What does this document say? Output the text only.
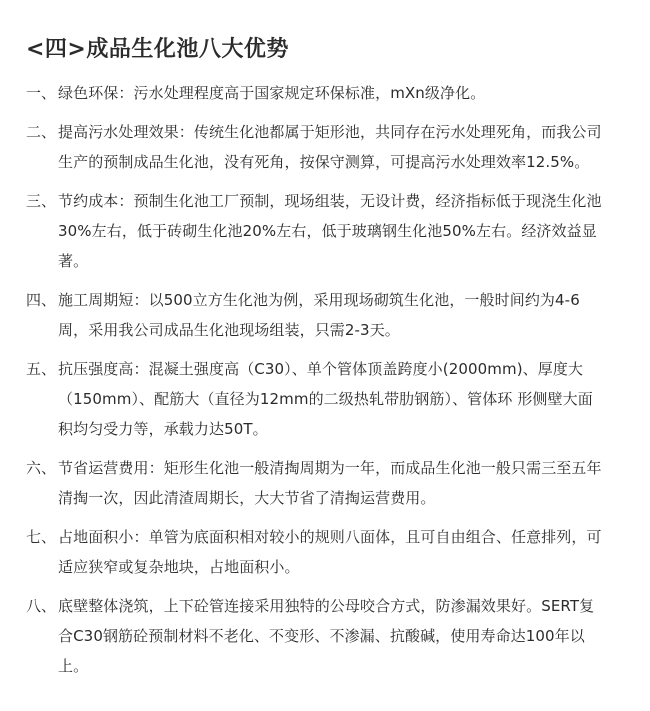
<四>成品生化池八大优势
一、 绿色环保：污水处理程度高于国家规定环保标准，mXn级净化。
二、 提高污水处理效果：传统生化池都属于矩形池，共同存在污水处理死角，而我公司
生产的预制成品生化池，没有死角，按保守测算，可提高污水处理效率12.5%。
三、 节约成本：预制生化池工厂预制，现场组装，无设计费，经济指标低于现浇生化池
30%左右，低于砖砌生化池20%左右，低于玻璃钢生化池50%左右。经济效益显
著。
四、 施工周期短：以500立方生化池为例，采用现场砌筑生化池，一般时间约为4-6
周，采用我公司成品生化池现场组装，只需2-3天。
五、 抗压强度高：混凝土强度高（C30）、单个管体顶盖跨度小(2000mm)、厚度大
（150mm）、配筋大（直径为12mm的二级热轧带肋钢筋）、管体环 形侧壁大面
积均匀受力等，承载力达50T。
六、 节省运营费用：矩形生化池一般清掏周期为一年，而成品生化池一般只需三至五年
清掏一次，因此清渣周期长，大大节省了清掏运营费用。
七、 占地面积小：单管为底面积相对较小的规则八面体，且可自由组合、任意排列，可
适应狭窄或复杂地块，占地面积小。
八、 底壁整体浇筑，上下砼管连接采用独特的公母咬合方式，防渗漏效果好。SERT复
合C30钢筋砼预制材料不老化、不变形、不渗漏、抗酸碱，使用寿命达100年以
上。
